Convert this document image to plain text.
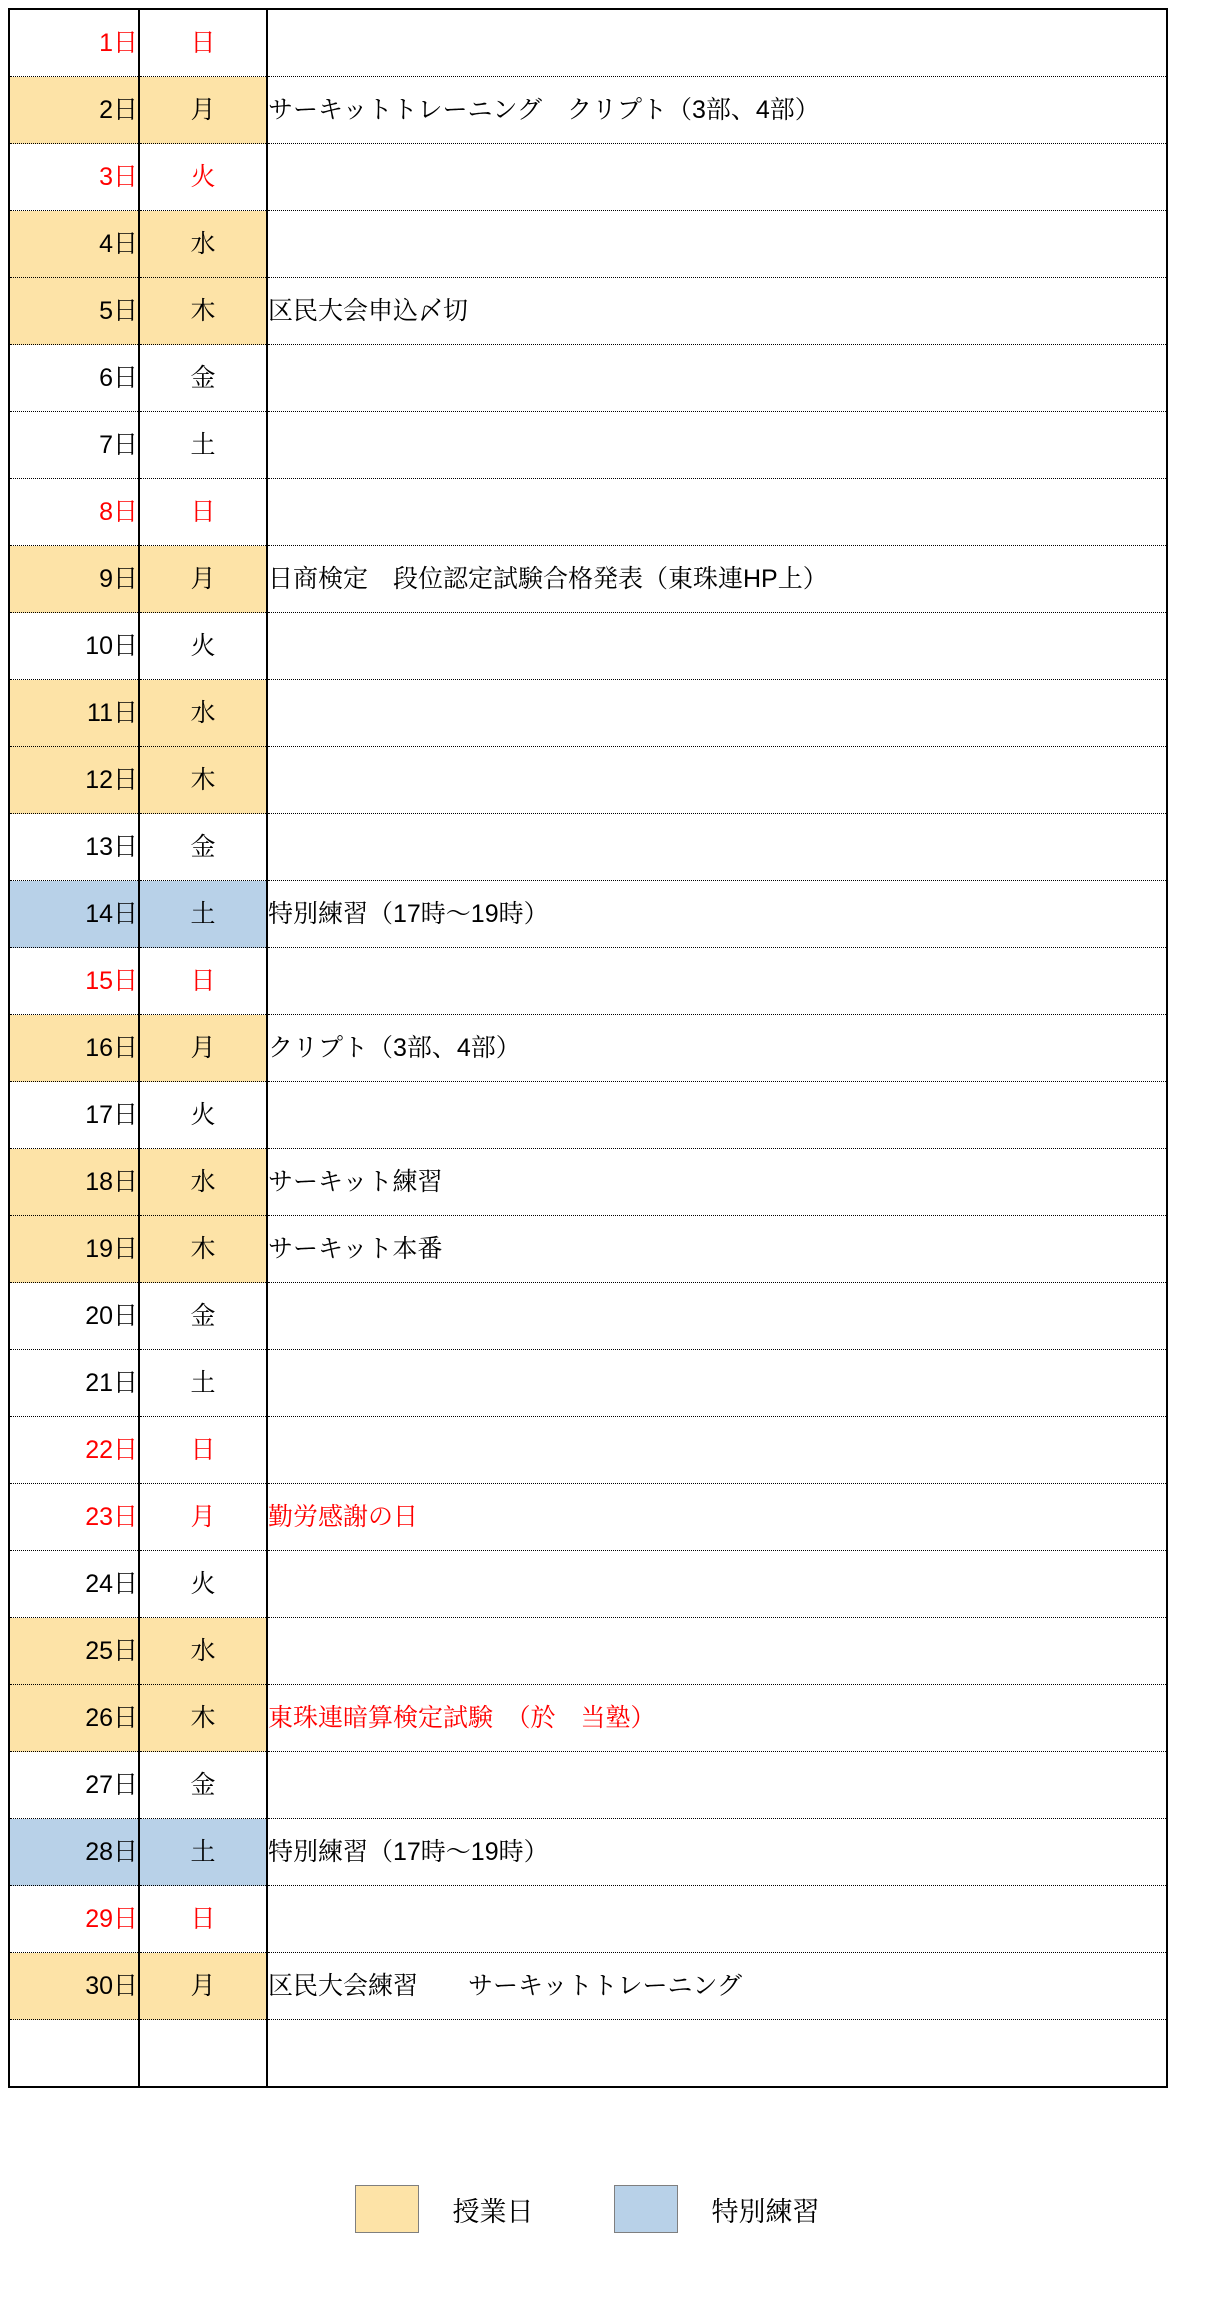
1日	日	
2日	月	サーキットトレーニング　クリプト（3部、4部）
3日	火	
4日	水	
5日	木	区民大会申込〆切
6日	金	
7日	土	
8日	日	
9日	月	日商検定　段位認定試験合格発表（東珠連HP上）
10日	火	
11日	水	
12日	木	
13日	金	
14日	土	特別練習（17時〜19時）
15日	日	
16日	月	クリプト（3部、4部）
17日	火	
18日	水	サーキット練習
19日	木	サーキット本番
20日	金	
21日	土	
22日	日	
23日	月	勤労感謝の日
24日	火	
25日	水	
26日	木	東珠連暗算検定試験　（於　当塾）
27日	金	
28日	土	特別練習（17時〜19時）
29日	日	
30日	月	区民大会練習　　サーキットトレーニング

授業日	特別練習
